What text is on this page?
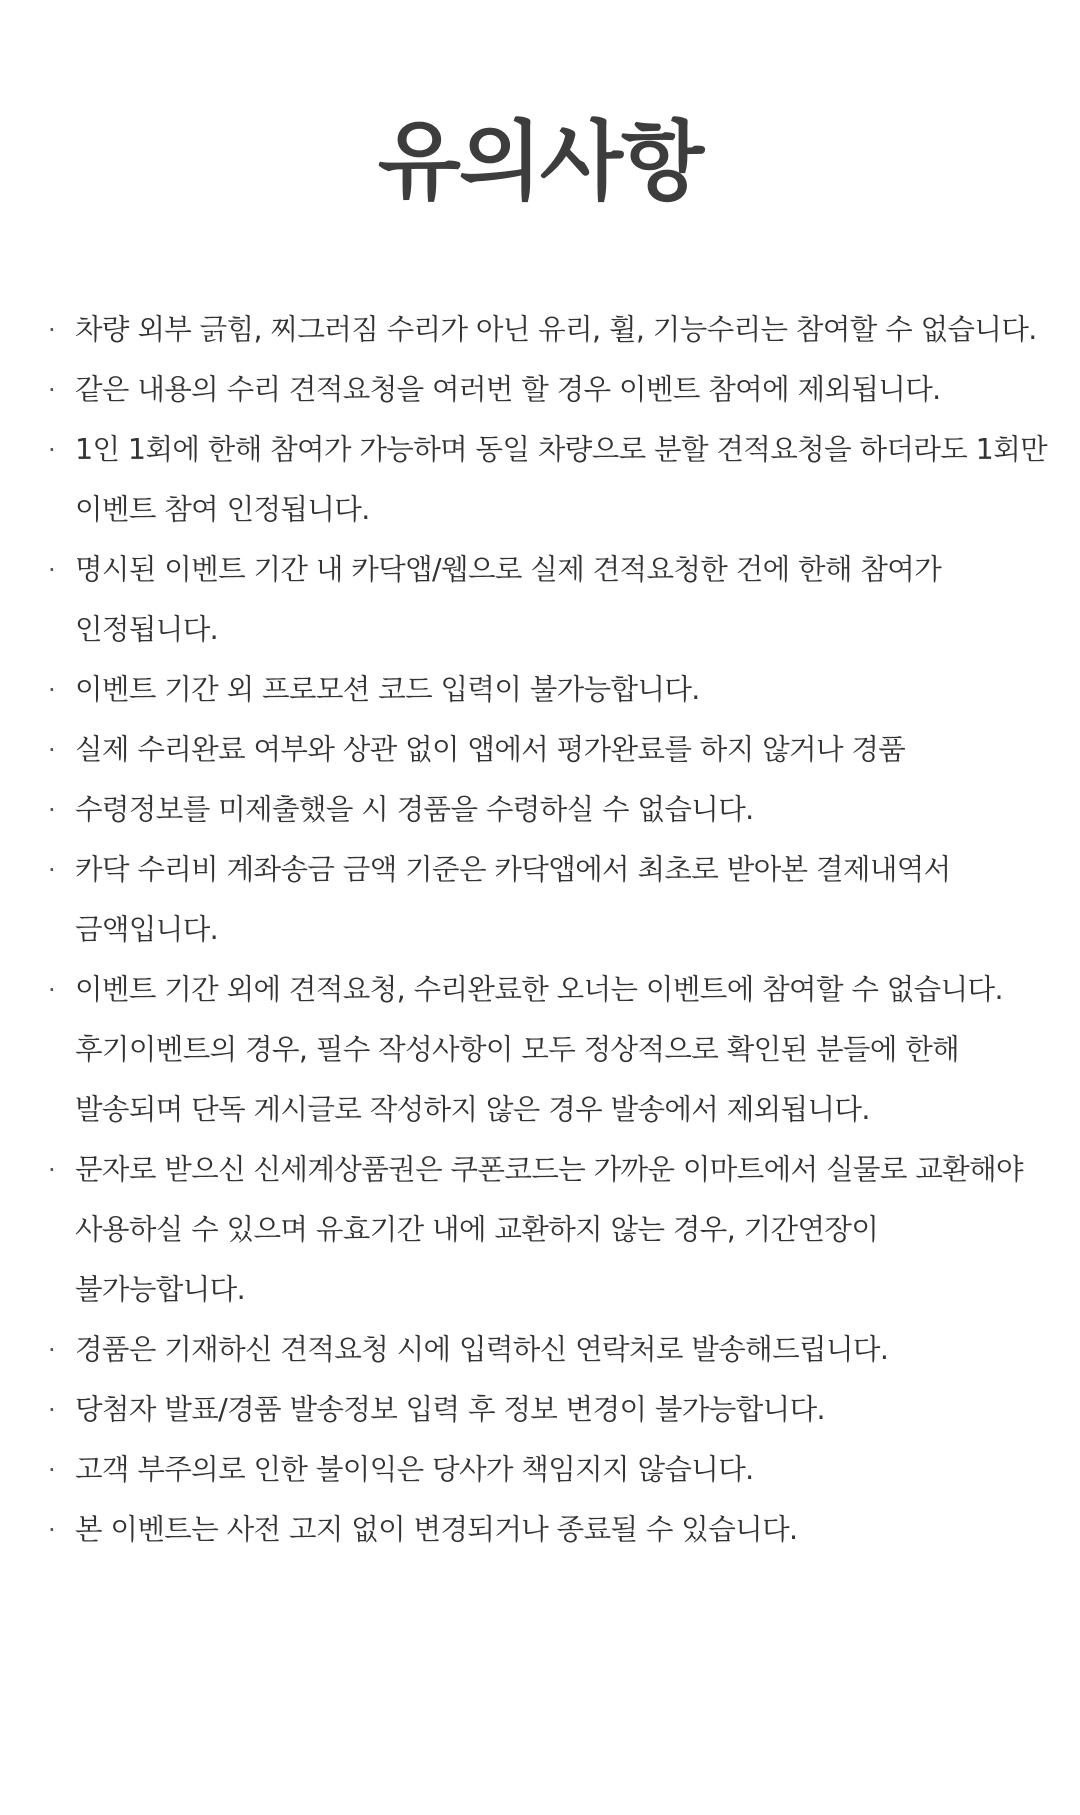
유의사항
· 차량 외부 긁힘, 찌그러짐 수리가 아닌 유리, 휠, 기능수리는 참여할 수 없습니다.
· 같은 내용의 수리 견적요청을 여러번 할 경우 이벤트 참여에 제외됩니다.
· 1인 1회에 한해 참여가 가능하며 동일 차량으로 분할 견적요청을 하더라도 1회만
이벤트 참여 인정됩니다.
· 명시된 이벤트 기간 내 카닥앱/웹으로 실제 견적요청한 건에 한해 참여가
인정됩니다.
· 이벤트 기간 외 프로모션 코드 입력이 불가능합니다.
· 실제 수리완료 여부와 상관 없이 앱에서 평가완료를 하지 않거나 경품
· 수령정보를 미제출했을 시 경품을 수령하실 수 없습니다.
· 카닥 수리비 계좌송금 금액 기준은 카닥앱에서 최초로 받아본 결제내역서
금액입니다.
· 이벤트 기간 외에 견적요청, 수리완료한 오너는 이벤트에 참여할 수 없습니다.
후기이벤트의 경우, 필수 작성사항이 모두 정상적으로 확인된 분들에 한해
발송되며 단독 게시글로 작성하지 않은 경우 발송에서 제외됩니다.
· 문자로 받으신 신세계상품권은 쿠폰코드는 가까운 이마트에서 실물로 교환해야
사용하실 수 있으며 유효기간 내에 교환하지 않는 경우, 기간연장이
불가능합니다.
· 경품은 기재하신 견적요청 시에 입력하신 연락처로 발송해드립니다.
· 당첨자 발표/경품 발송정보 입력 후 정보 변경이 불가능합니다.
· 고객 부주의로 인한 불이익은 당사가 책임지지 않습니다.
· 본 이벤트는 사전 고지 없이 변경되거나 종료될 수 있습니다.
